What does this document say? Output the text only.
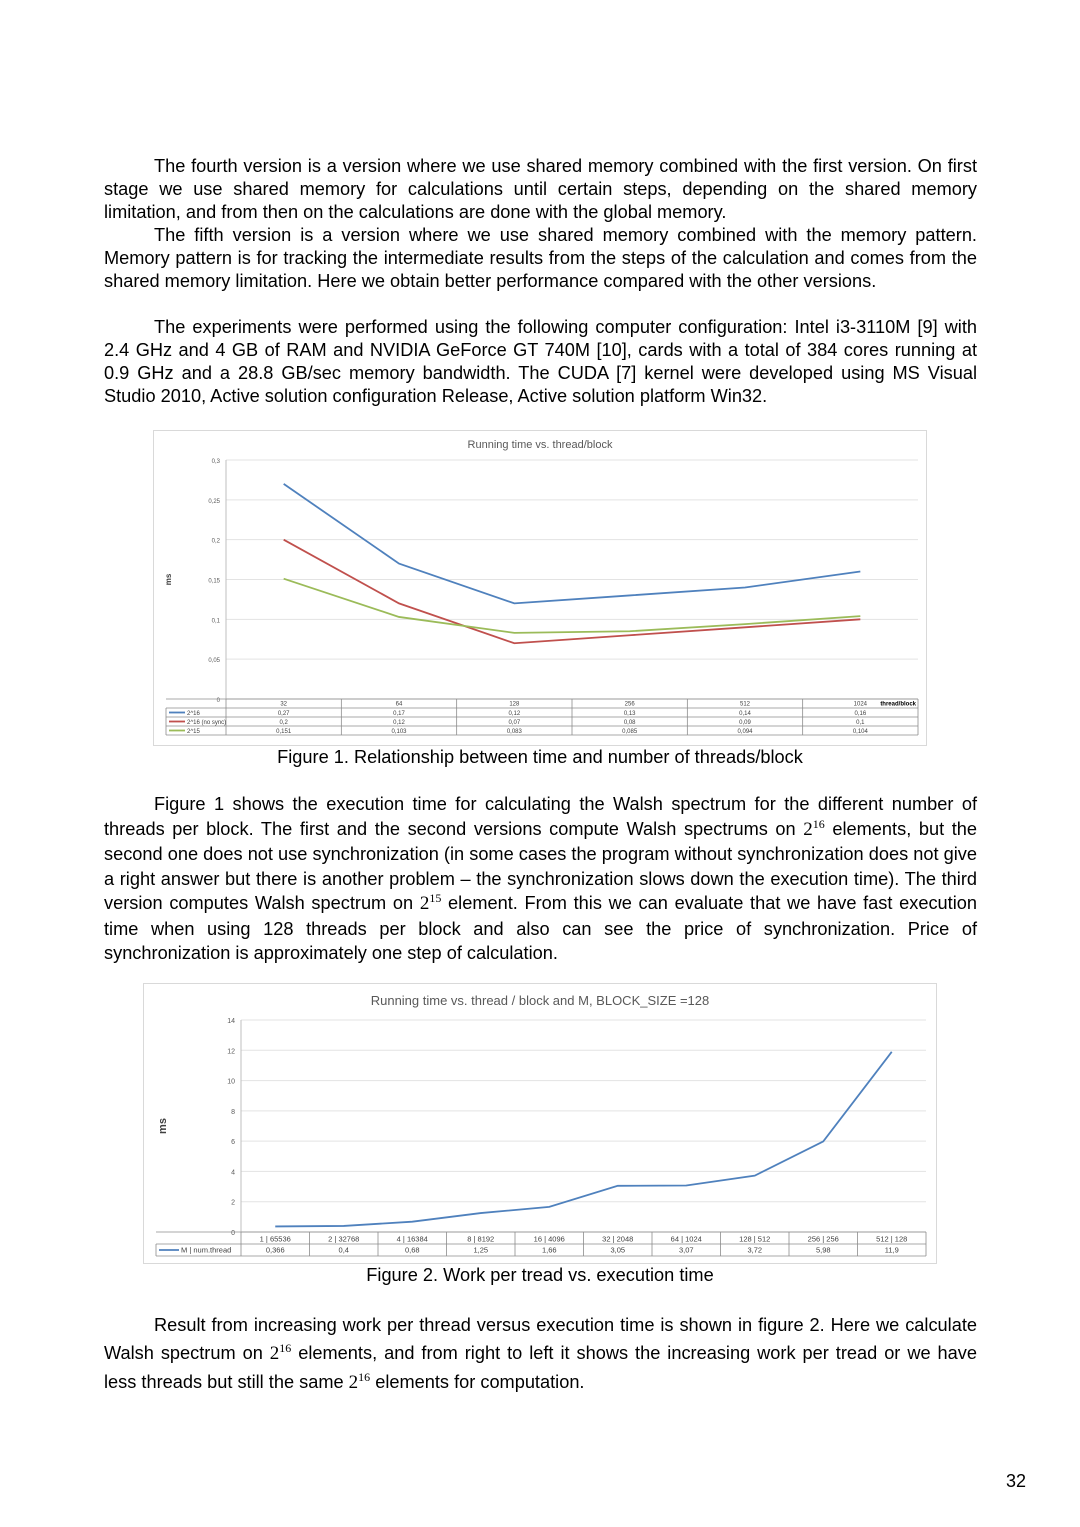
The fourth version is a version where we use shared memory combined with the first version. On first stage we use shared memory for calculations until certain steps, depending on the shared memory limitation, and from then on the calculations are done with the global memory.

The fifth version is a version where we use shared memory combined with the memory pattern. Memory pattern is for tracking the intermediate results from the steps of the calculation and comes from the shared memory limitation. Here we obtain better performance compared with the other versions.

The experiments were performed using the following computer configuration: Intel i3-3110M [9] with 2.4 GHz and 4 GB of RAM and NVIDIA GeForce GT 740M [10], cards with a total of 384 cores running at 0.9 GHz and a 28.8 GB/sec memory bandwidth. The CUDA [7] kernel were developed using MS Visual Studio 2010, Active solution configuration Release, Active solution platform Win32.

Running time vs. thread/block
0
0,05
0,1
0,15
0,2
0,25
0,3
ms
32	64	128	256	512	1024 thread/block
2^16	0,27	0,17	0,12	0,13	0,14	0,16
2^16 (no sync)	0,2	0,12	0,07	0,08	0,09	0,1
2^15	0,151	0,103	0,083	0,085	0,094	0,104

Figure 1. Relationship between time and number of threads/block

Figure 1 shows the execution time for calculating the Walsh spectrum for the different number of threads per block. The first and the second versions compute Walsh spectrums on $2^{16}$ elements, but the second one does not use synchronization (in some cases the program without synchronization does not give a right answer but there is another problem – the synchronization slows down the execution time). The third version computes Walsh spectrum on $2^{15}$ element. From this we can evaluate that we have fast execution time when using 128 threads per block and also can see the price of synchronization. Price of synchronization is approximately one step of calculation.

Running time vs. thread / block and M, BLOCK_SIZE =128
0
2
4
6
8
10
12
14
ms
1 | 65536	2 | 32768	4 | 16384	8 | 8192	16 | 4096	32 | 2048	64 | 1024	128 | 512	256 | 256	512 | 128
M | num.thread	0,366	0,4	0,68	1,25	1,66	3,05	3,07	3,72	5,98	11,9

Figure 2. Work per tread vs. execution time

Result from increasing work per thread versus execution time is shown in figure 2. Here we calculate Walsh spectrum on $2^{16}$ elements, and from right to left it shows the increasing work per tread or we have less threads but still the same $2^{16}$ elements for computation.

32
